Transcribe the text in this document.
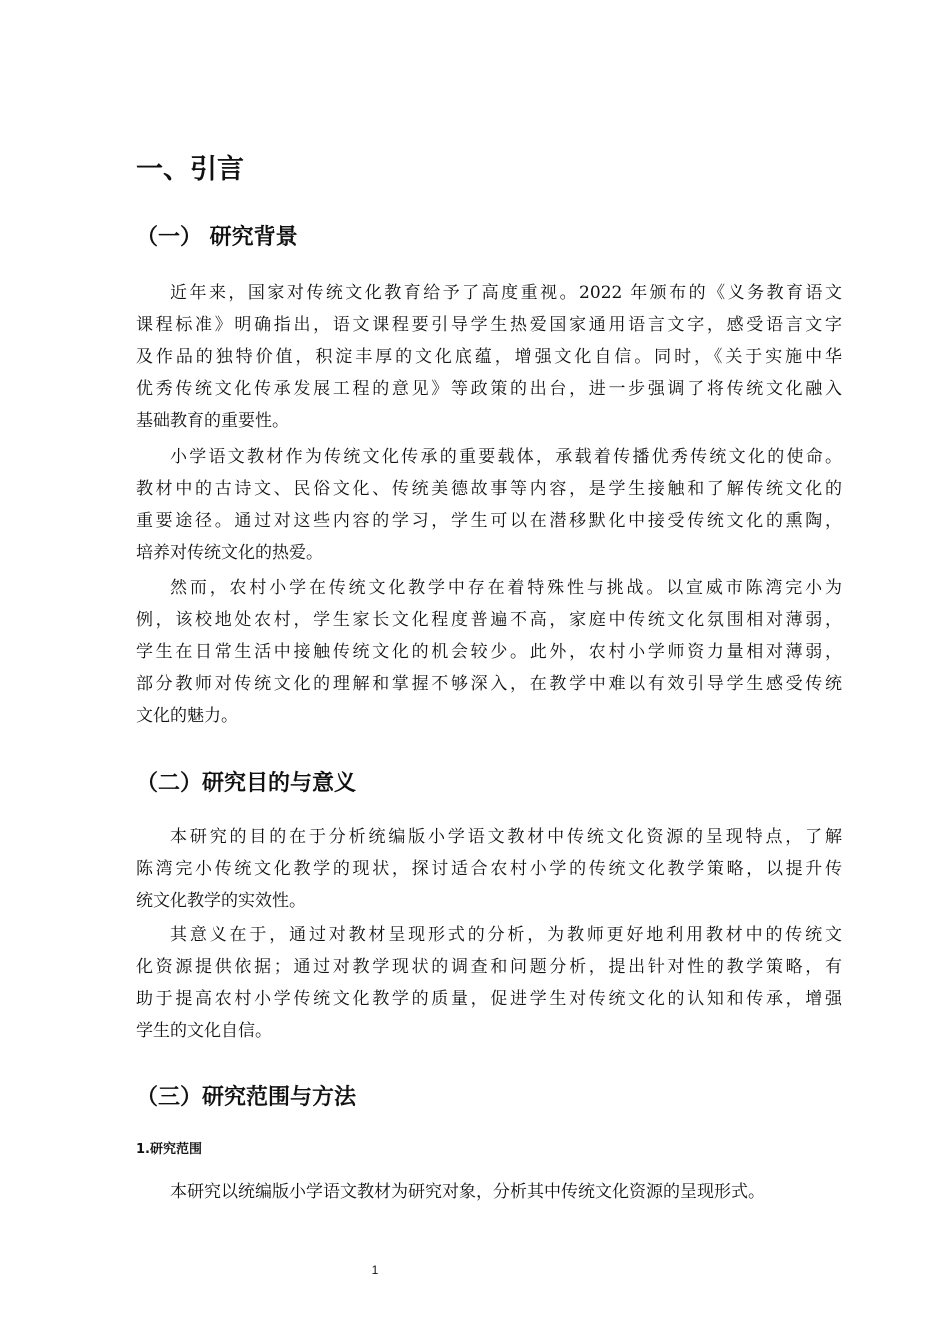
一、引言
（一） 研究背景
近年来，国家对传统文化教育给予了高度重视。2022 年颁布的《义务教育语文
课程标准》明确指出，语文课程要引导学生热爱国家通用语言文字，感受语言文字
及作品的独特价值，积淀丰厚的文化底蕴，增强文化自信。同时，《关于实施中华
优秀传统文化传承发展工程的意见》等政策的出台，进一步强调了将传统文化融入
基础教育的重要性。
小学语文教材作为传统文化传承的重要载体，承载着传播优秀传统文化的使命。
教材中的古诗文、民俗文化、传统美德故事等内容，是学生接触和了解传统文化的
重要途径。通过对这些内容的学习，学生可以在潜移默化中接受传统文化的熏陶，
培养对传统文化的热爱。
然而，农村小学在传统文化教学中存在着特殊性与挑战。以宣威市陈湾完小为
例，该校地处农村，学生家长文化程度普遍不高，家庭中传统文化氛围相对薄弱，
学生在日常生活中接触传统文化的机会较少。此外，农村小学师资力量相对薄弱，
部分教师对传统文化的理解和掌握不够深入，在教学中难以有效引导学生感受传统
文化的魅力。
（二）研究目的与意义
本研究的目的在于分析统编版小学语文教材中传统文化资源的呈现特点，了解
陈湾完小传统文化教学的现状，探讨适合农村小学的传统文化教学策略，以提升传
统文化教学的实效性。
其意义在于，通过对教材呈现形式的分析，为教师更好地利用教材中的传统文
化资源提供依据；通过对教学现状的调查和问题分析，提出针对性的教学策略，有
助于提高农村小学传统文化教学的质量，促进学生对传统文化的认知和传承，增强
学生的文化自信。
（三）研究范围与方法
1.研究范围
本研究以统编版小学语文教材为研究对象，分析其中传统文化资源的呈现形式。
1
